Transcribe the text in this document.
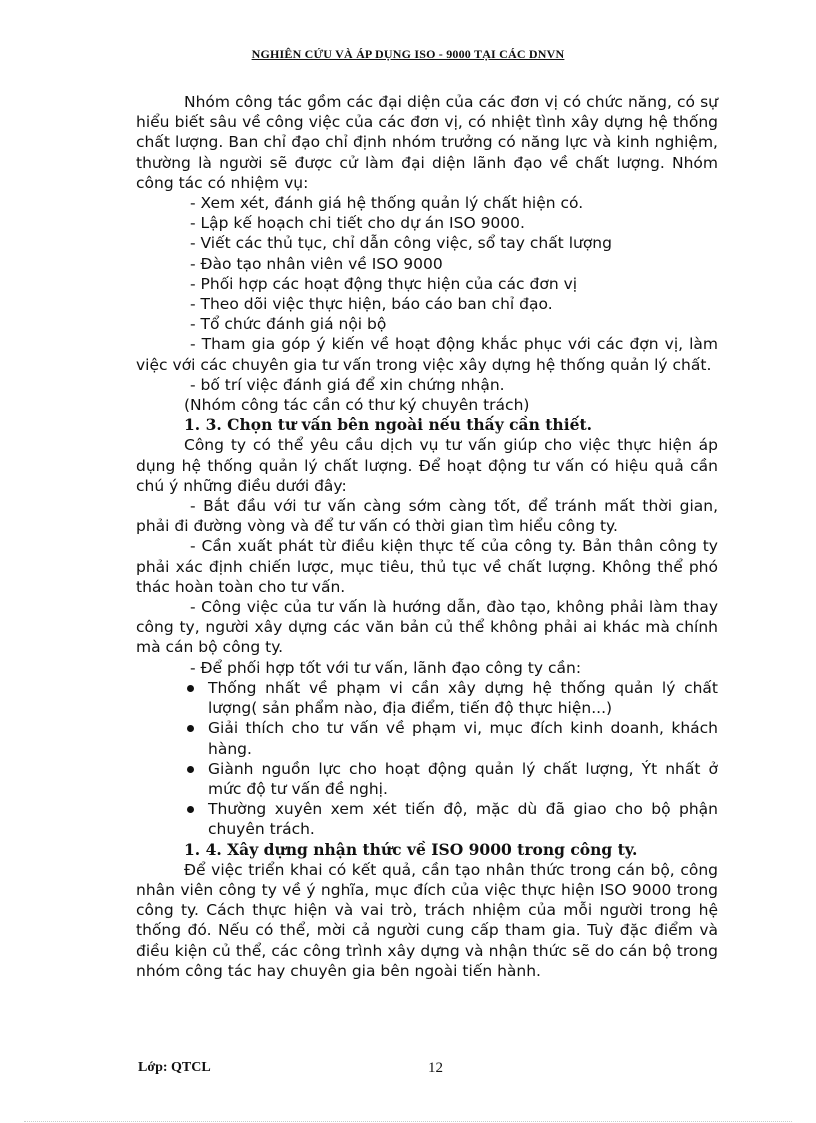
NGHIÊN CỨU VÀ ÁP DỤNG ISO - 9000 TẠI CÁC DNVN

Nhóm công tác gồm các đại diện của các đơn vị có chức năng, có sự hiểu biết sâu về công việc của các đơn vị, có nhiệt tình xây dựng hệ thống chất lượng. Ban chỉ đạo chỉ định nhóm trưởng có năng lực và kinh nghiệm, thường là người sẽ được cử làm đại diện lãnh đạo về chất lượng. Nhóm công tác có nhiệm vụ:

- Xem xét, đánh giá hệ thống quản lý chất hiện có.

- Lập kế hoạch chi tiết cho dự án ISO 9000.

- Viết các thủ tục, chỉ dẫn công việc, sổ tay chất lượng

- Đào tạo nhân viên về ISO 9000

- Phối hợp các hoạt động thực hiện của các đơn vị

- Theo dõi việc thực hiện, báo cáo ban chỉ đạo.

- Tổ chức đánh giá nội bộ

- Tham gia góp ý kiến về hoạt động khắc phục với các đợn vị, làm việc với các chuyên gia tư vấn trong việc xây dựng hệ thống quản lý chất.

- bố trí việc đánh giá để xin chứng nhận.

(Nhóm công tác cần có thư ký chuyên trách)

1. 3. Chọn tư vấn bên ngoài nếu thấy cần thiết.

Công ty có thể yêu cầu dịch vụ tư vấn giúp cho việc thực hiện áp dụng hệ thống quản lý chất lượng. Để hoạt động tư vấn có hiệu quả cần chú ý những điều dưới đây:

- Bắt đầu với tư vấn càng sớm càng tốt, để tránh mất thời gian, phải đi đường vòng và để tư vấn có thời gian tìm hiểu công ty.

- Cần xuất phát từ điều kiện thực tế của công ty. Bản thân công ty phải xác định chiến lược, mục tiêu, thủ tục về chất lượng. Không thể phó thác hoàn toàn cho tư vấn.

- Công việc của tư vấn là hướng dẫn, đào tạo, không phải làm thay công ty, người xây dựng các văn bản củ thể không phải ai khác mà chính mà cán bộ công ty.

- Để phối hợp tốt với tư vấn, lãnh đạo công ty cần:

Thống nhất về phạm vi cần xây dựng hệ thống quản lý chất lượng( sản phẩm nào, địa điểm, tiến độ thực hiện...)
Giải thích cho tư vấn về phạm vi, mục đích kinh doanh, khách hàng.
Giành nguồn lực cho hoạt động quản lý chất lượng, Ýt nhất ở mức độ tư vấn đề nghị.
Thường xuyên xem xét tiến độ, mặc dù đã giao cho bộ phận chuyên trách.

1. 4. Xây dựng nhận thức về ISO 9000 trong công ty.

Để việc triển khai có kết quả, cần tạo nhân thức trong cán bộ, công nhân viên công ty về ý nghĩa, mục đích của việc thực hiện ISO 9000 trong công ty. Cách thực hiện và vai trò, trách nhiệm của mỗi người trong hệ thống đó. Nếu có thể, mời cả người cung cấp tham gia. Tuỳ đặc điểm và điều kiện củ thể, các công trình xây dựng và nhận thức sẽ do cán bộ trong nhóm công tác hay chuyên gia bên ngoài tiến hành.

Lớp: QTCL	12
